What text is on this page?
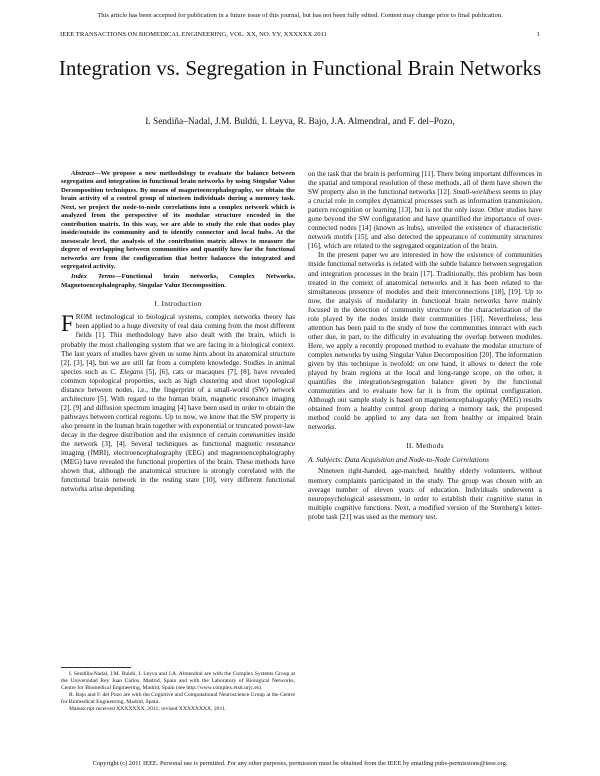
This article has been accepted for publication in a future issue of this journal, but has not been fully edited. Content may change prior to final publication.
IEEE TRANSACTIONS ON BIOMEDICAL ENGINEERING, VOL. XX, NO. YY, XXXXXX 2011	1
Integration vs. Segregation in Functional Brain Networks
I. Sendiña–Nadal, J.M. Buldú, I. Leyva, R. Bajo, J.A. Almendral, and F. del–Pozo,

Abstract—We propose a new methodology to evaluate the balance between segregation and integration in functional brain networks by using Singular Value Decomposition techniques. By means of magnetoencephalography, we obtain the brain activity of a control group of nineteen individuals during a memory task. Next, we project the node-to-node correlations into a complex network which is analyzed from the perspective of its modular structure encoded in the contribution matrix. In this way, we are able to study the role that nodes play inside/outside its community and to identify connector and local hubs. At the mesoscale level, the analysis of the contribution matrix allows to measure the degree of overlapping between communities and quantify how far the functional networks are from the configuration that better balances the integrated and segregated activity.

Index Terms—Functional brain networks, Complex Networks, Magnetoencephalography, Singular Value Decomposition.

I. Introduction

FROM technological to biological systems, complex networks theory has been applied to a huge diversity of real data coming from the most different fields [1]. This methodology have also dealt with the brain, which is probably the most challenging system that we are facing in a biological context. The last years of studies have given us some hints about its anatomical structure [2], [3], [4], but we are still far from a complete knowledge. Studies in animal species such as C. Elegans [5], [6], cats or macaques [7], [8], have revealed common topological properties, such as high clustering and short topological distance between nodes, i.e., the fingerprint of a small-world (SW) network architecture [5]. With regard to the human brain, magnetic resonance imaging [2], [9] and diffusion spectrum imaging [4] have been used in order to obtain the pathways between cortical regions. Up to now, we know that the SW property is also present in the human brain together with exponential or truncated power-law decay in the degree distribution and the existence of certain communities inside the network [3], [4]. Several techniques as functional magnetic resonance imaging (fMRI), electroencephalography (EEG) and magnetoencephalography (MEG) have revealed the functional properties of the brain. These methods have shown that, although the anatomical structure is strongly correlated with the functional brain network in the resting state [10], very different functional networks arise depending

I. Sendiña-Nadal, J.M. Buldú, I. Leyva and J.A. Almendral are with the Complex Systems Group at the Universidad Rey Juan Carlos, Madrid, Spain and with the Laboratory of Biological Networks, Centre for Biomedical Engineering, Madrid, Spain (see http://www.complex.etsit.urjc.es).

R. Bajo and F. del Pozo are with the Cognitive and Computational Neuroscience Group at the Centre for Biomedical Engineering, Madrid, Spain.

Manuscript received XXXXXXX, 2011; revised XXXXXXXX, 2011.

on the task that the brain is performing [11]. There being important differences in the spatial and temporal resolution of these methods, all of them have shown the SW property also in the functional networks [12]. Small-worldness seems to play a crucial role in complex dynamical processes such as information transmission, pattern recognition or learning [13], but is not the only issue. Other studies have gone beyond the SW configuration and have quantified the importance of over-connected nodes [14] (known as hubs), unveiled the existence of characteristic network motifs [15], and also detected the appearance of community structures [16], which are related to the segregated organization of the brain.

In the present paper we are interested in how the existence of communities inside functional networks is related with the subtle balance between segregation and integration processes in the brain [17]. Traditionally, this problem has been treated in the context of anatomical networks and it has been related to the simultaneous presence of modules and their interconnections [18], [19]. Up to now, the analysis of modularity in functional brain networks have mainly focused in the detection of community structure or the characterization of the role played by the nodes inside their communities [16]. Nevertheless, less attention has been paid to the study of how the communities interact with each other due, in part, to the difficulty in evaluating the overlap between modules. Here, we apply a recently proposed method to evaluate the modular structure of complex networks by using Singular Value Decomposition [20]. The information given by this technique is twofold: on one hand, it allows to detect the role played by brain regions at the local and long-range scope, on the other, it quantifies the integration/segregation balance given by the functional communities and to evaluate how far it is from the optimal configuration. Although our sample study is based on magnetoencephalography (MEG) results obtained from a healthy control group during a memory task, the proposed method could be applied to any data set from healthy or impaired brain networks.

II. Methods
A. Subjects: Data Acquisition and Node-to-Node Correlations

Nineteen right-handed, age-matched, healthy elderly volunteers, without memory complaints participated in the study. The group was chosen with an average number of eleven years of education. Individuals underwent a neuropsychological assessment, in order to establish their cognitive status in multiple cognitive functions. Next, a modified version of the Sternberg's letter-probe task [21] was used as the memory test.

Copyright (c) 2011 IEEE. Personal use is permitted. For any other purposes, permission must be obtained from the IEEE by emailing pubs-permissions@ieee.org.
